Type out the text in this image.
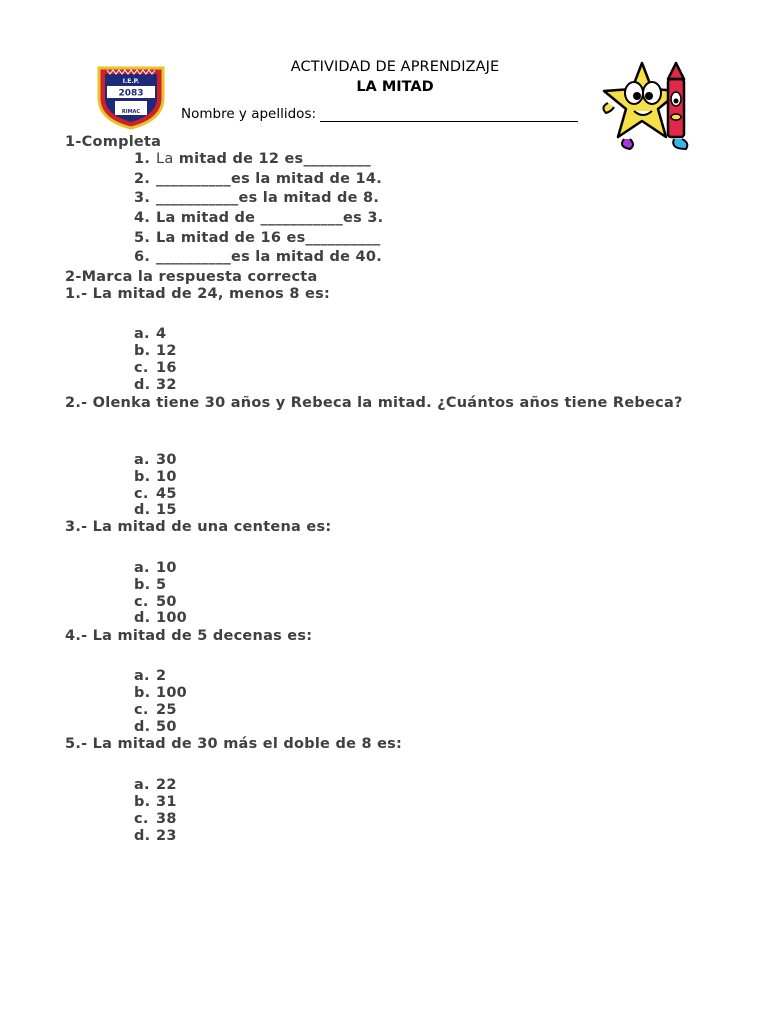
I.E.P.
2083
RIMAC
ACTIVIDAD DE APRENDIZAJE
LA MITAD
Nombre y apellidos:
1-Completa
1. La mitad de 12 es_________
2. __________es la mitad de 14.
3. ___________es la mitad de 8.
4. La mitad de ___________es 3.
5. La mitad de 16 es__________
6. __________es la mitad de 40.
2-Marca la respuesta correcta
1.- La mitad de 24, menos 8 es:
a. 4
b. 12
c. 16
d. 32
2.- Olenka tiene 30 años y Rebeca la mitad. ¿Cuántos años tiene Rebeca?
a. 30
b. 10
c. 45
d. 15
3.- La mitad de una centena es:
a. 10
b. 5
c. 50
d. 100
4.- La mitad de 5 decenas es:
a. 2
b. 100
c. 25
d. 50
5.- La mitad de 30 más el doble de 8 es:
a. 22
b. 31
c. 38
d. 23
